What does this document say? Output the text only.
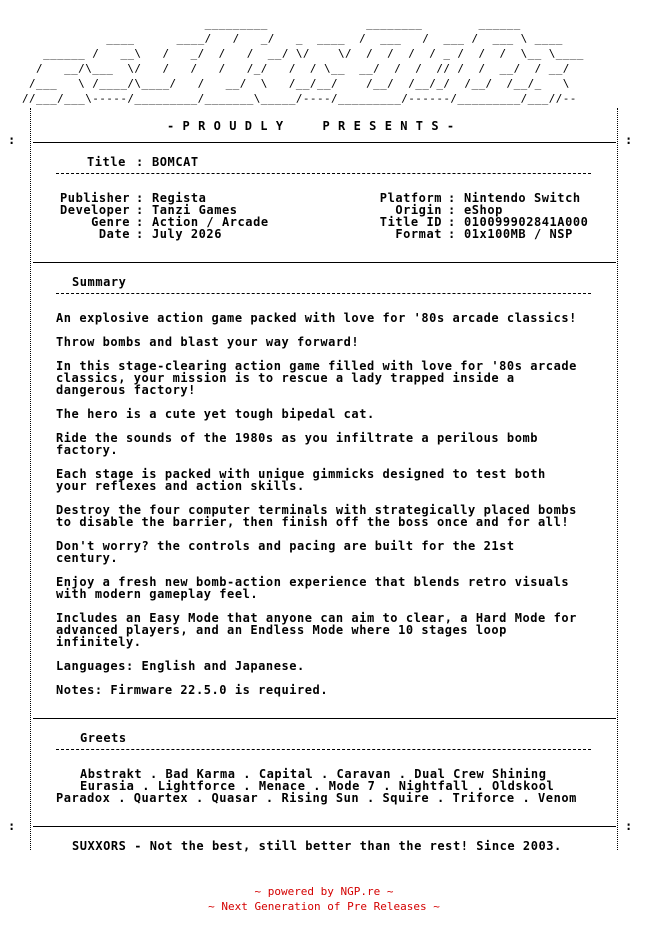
_________              ________        ______
____      ____/   /   _/   _  ____  /  ___   /  ___ /  ___ \ ____
______ /   __\   /   _/  /   /  __/ \/    \/  /  /  /  / _ /  /  /  \__ \____
/   __/\___  \/   /   /   /   /_/   /  / \__  __/  /  /  // /  /  __/  / __/
/___   \ /____/\____/   /   __/  \   /__/__/    /__/  /__/_/  /__/  /__/_   \
//___/___\-----/_________/_______\_____/----/_________/------/_________/___//--
:	:
:	:
- P R O U D L Y     P R E S E N T S -
Title : BOMCAT
Publisher : Regista
Developer : Tanzi Games
Genre : Action / Arcade
Date : July 2026
Platform : Nintendo Switch
Origin : eShop
Title ID : 010099902841A000
Format : 01x100MB / NSP
Summary
An explosive action game packed with love for '80s arcade classics!
Throw bombs and blast your way forward!
In this stage-clearing action game filled with love for '80s arcade
classics, your mission is to rescue a lady trapped inside a
dangerous factory!
The hero is a cute yet tough bipedal cat.
Ride the sounds of the 1980s as you infiltrate a perilous bomb
factory.
Each stage is packed with unique gimmicks designed to test both
your reflexes and action skills.
Destroy the four computer terminals with strategically placed bombs
to disable the barrier, then finish off the boss once and for all!
Don't worry? the controls and pacing are built for the 21st
century.
Enjoy a fresh new bomb-action experience that blends retro visuals
with modern gameplay feel.
Includes an Easy Mode that anyone can aim to clear, a Hard Mode for
advanced players, and an Endless Mode where 10 stages loop
infinitely.
Languages: English and Japanese.
Notes: Firmware 22.5.0 is required.
Greets
Abstrakt . Bad Karma . Capital . Caravan . Dual Crew Shining
Eurasia . Lightforce . Menace . Mode 7 . Nightfall . Oldskool
Paradox . Quartex . Quasar . Rising Sun . Squire . Triforce . Venom
SUXXORS - Not the best, still better than the rest! Since 2003.
~ powered by NGP.re ~
~ Next Generation of Pre Releases ~
